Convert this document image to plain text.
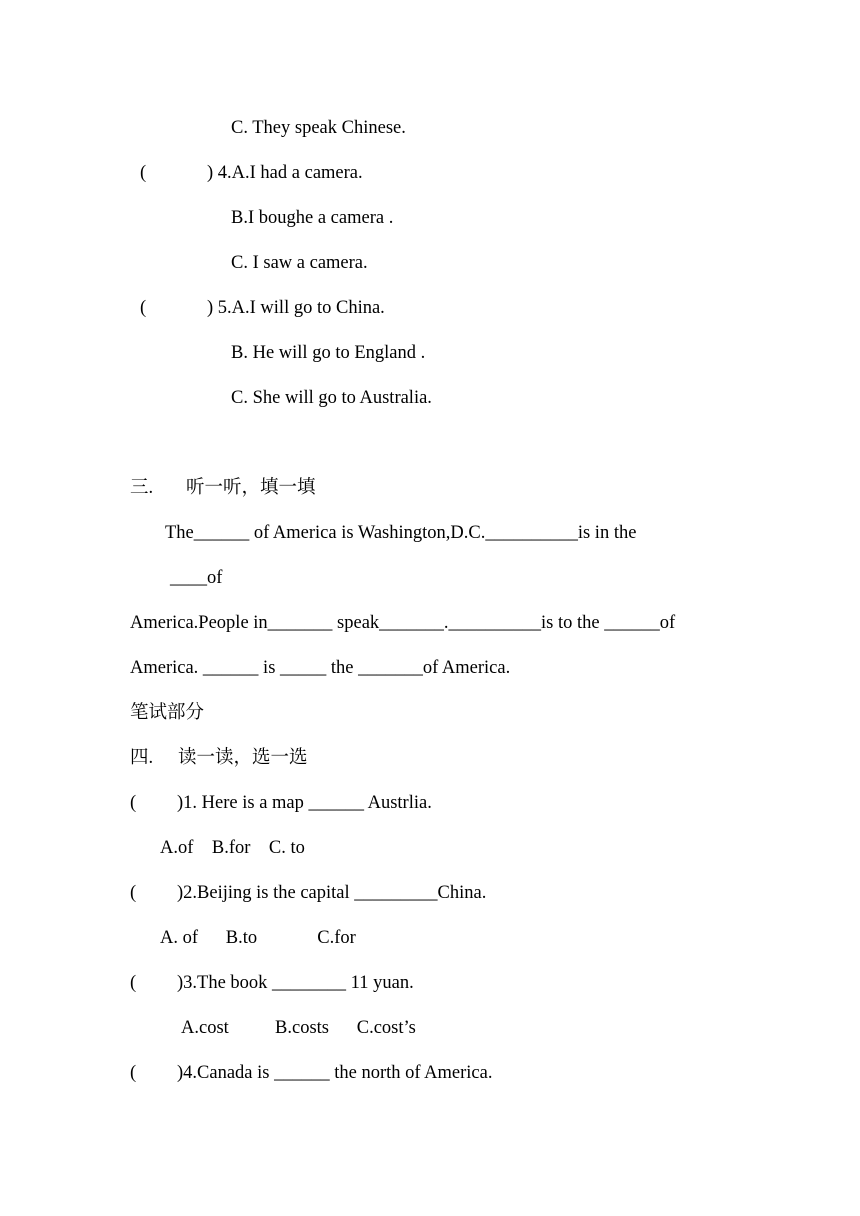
C. They speak Chinese.
(	) 4.A.I had a camera.
B.I boughe a camera .
C. I saw a camera.
(	) 5.A.I will go to China.
B. He will go to England .
C. She will go to Australia.
三. 听一听，填一填
The______ of America is Washington,D.C.__________is in the
____of
America.People in_______ speak_______.__________is to the ______of
America. ______ is _____ the _______of America.
笔试部分
四. 读一读，选一选
( )1. Here is a map ______ Austrlia.
A.of    B.for    C. to
( )2.Beijing is the capital _________China.
A. of      B.to             C.for
( )3.The book ________ 11 yuan.
A.cost          B.costs      C.cost’s
( )4.Canada is ______ the north of America.
